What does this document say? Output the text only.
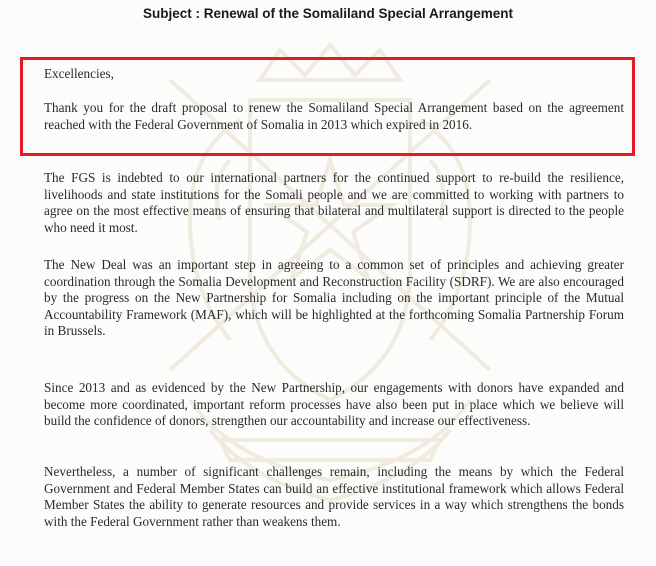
Subject : Renewal of the Somaliland Special Arrangement

Excellencies,

Thank you for the draft proposal to renew the Somaliland Special Arrangement based on the agreement reached with the Federal Government of Somalia in 2013 which expired in 2016.

The FGS is indebted to our international partners for the continued support to re-build the resilience, livelihoods and state institutions for the Somali people and we are committed to working with partners to agree on the most effective means of ensuring that bilateral and multilateral support is directed to the people who need it most.

The New Deal was an important step in agreeing to a common set of principles and achieving greater coordination through the Somalia Development and Reconstruction Facility (SDRF). We are also encouraged by the progress on the New Partnership for Somalia including on the important principle of the Mutual Accountability Framework (MAF), which will be highlighted at the forthcoming Somalia Partnership Forum in Brussels.

Since 2013 and as evidenced by the New Partnership, our engagements with donors have expanded and become more coordinated, important reform processes have also been put in place which we believe will build the confidence of donors, strengthen our accountability and increase our effectiveness.

Nevertheless, a number of significant challenges remain, including the means by which the Federal Government and Federal Member States can build an effective institutional framework which allows Federal Member States the ability to generate resources and provide services in a way which strengthens the bonds with the Federal Government rather than weakens them.
